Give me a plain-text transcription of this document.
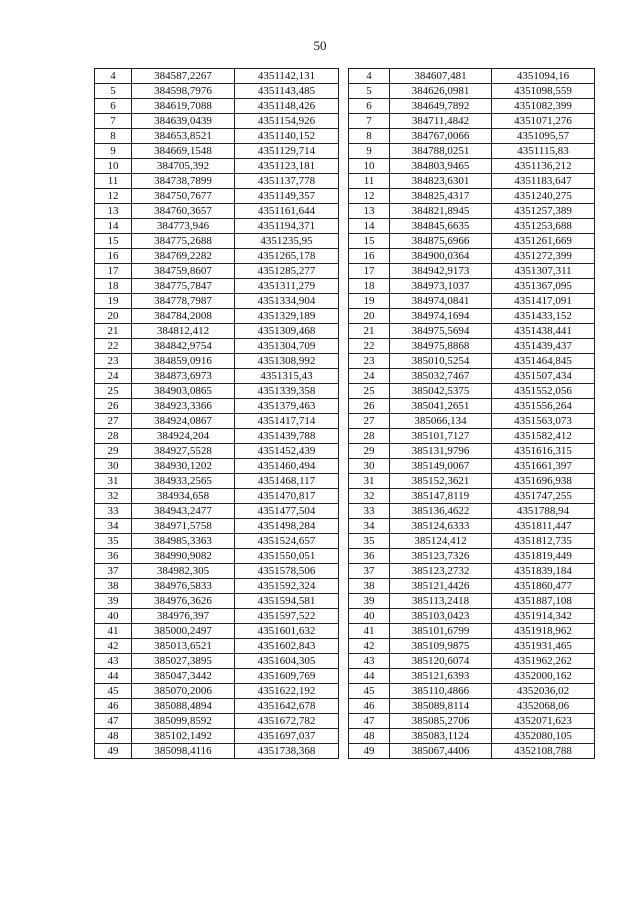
50
4	384587,2267	4351142,131
5	384598,7976	4351143,485
6	384619,7088	4351148,426
7	384639,0439	4351154,926
8	384653,8521	4351140,152
9	384669,1548	4351129,714
10	384705,392	4351123,181
11	384738,7899	4351137,778
12	384750,7677	4351149,357
13	384760,3657	4351161,644
14	384773,946	4351194,371
15	384775,2688	4351235,95
16	384769,2282	4351265,178
17	384759,8607	4351285,277
18	384775,7847	4351311,279
19	384778,7987	4351334,904
20	384784,2008	4351329,189
21	384812,412	4351309,468
22	384842,9754	4351304,709
23	384859,0916	4351308,992
24	384873,6973	4351315,43
25	384903,0865	4351339,358
26	384923,3366	4351379,463
27	384924,0867	4351417,714
28	384924,204	4351439,788
29	384927,5528	4351452,439
30	384930,1202	4351460,494
31	384933,2565	4351468,117
32	384934,658	4351470,817
33	384943,2477	4351477,504
34	384971,5758	4351498,284
35	384985,3363	4351524,657
36	384990,9082	4351550,051
37	384982,305	4351578,506
38	384976,5833	4351592,324
39	384976,3626	4351594,581
40	384976,397	4351597,522
41	385000,2497	4351601,632
42	385013,6521	4351602,843
43	385027,3895	4351604,305
44	385047,3442	4351609,769
45	385070,2006	4351622,192
46	385088,4894	4351642,678
47	385099,8592	4351672,782
48	385102,1492	4351697,037
49	385098,4116	4351738,368
4	384607,481	4351094,16
5	384626,0981	4351098,559
6	384649,7892	4351082,399
7	384711,4842	4351071,276
8	384767,0066	4351095,57
9	384788,0251	4351115,83
10	384803,9465	4351136,212
11	384823,6301	4351183,647
12	384825,4317	4351240,275
13	384821,8945	4351257,389
14	384845,6635	4351253,688
15	384875,6966	4351261,669
16	384900,0364	4351272,399
17	384942,9173	4351307,311
18	384973,1037	4351367,095
19	384974,0841	4351417,091
20	384974,1694	4351433,152
21	384975,5694	4351438,441
22	384975,8868	4351439,437
23	385010,5254	4351464,845
24	385032,7467	4351507,434
25	385042,5375	4351552,056
26	385041,2651	4351556,264
27	385066,134	4351563,073
28	385101,7127	4351582,412
29	385131,9796	4351616,315
30	385149,0067	4351661,397
31	385152,3621	4351696,938
32	385147,8119	4351747,255
33	385136,4622	4351788,94
34	385124,6333	4351811,447
35	385124,412	4351812,735
36	385123,7326	4351819,449
37	385123,2732	4351839,184
38	385121,4426	4351860,477
39	385113,2418	4351887,108
40	385103,0423	4351914,342
41	385101,6799	4351918,962
42	385109,9875	4351931,465
43	385120,6074	4351962,262
44	385121,6393	4352000,162
45	385110,4866	4352036,02
46	385089,8114	4352068,06
47	385085,2706	4352071,623
48	385083,1124	4352080,105
49	385067,4406	4352108,788
